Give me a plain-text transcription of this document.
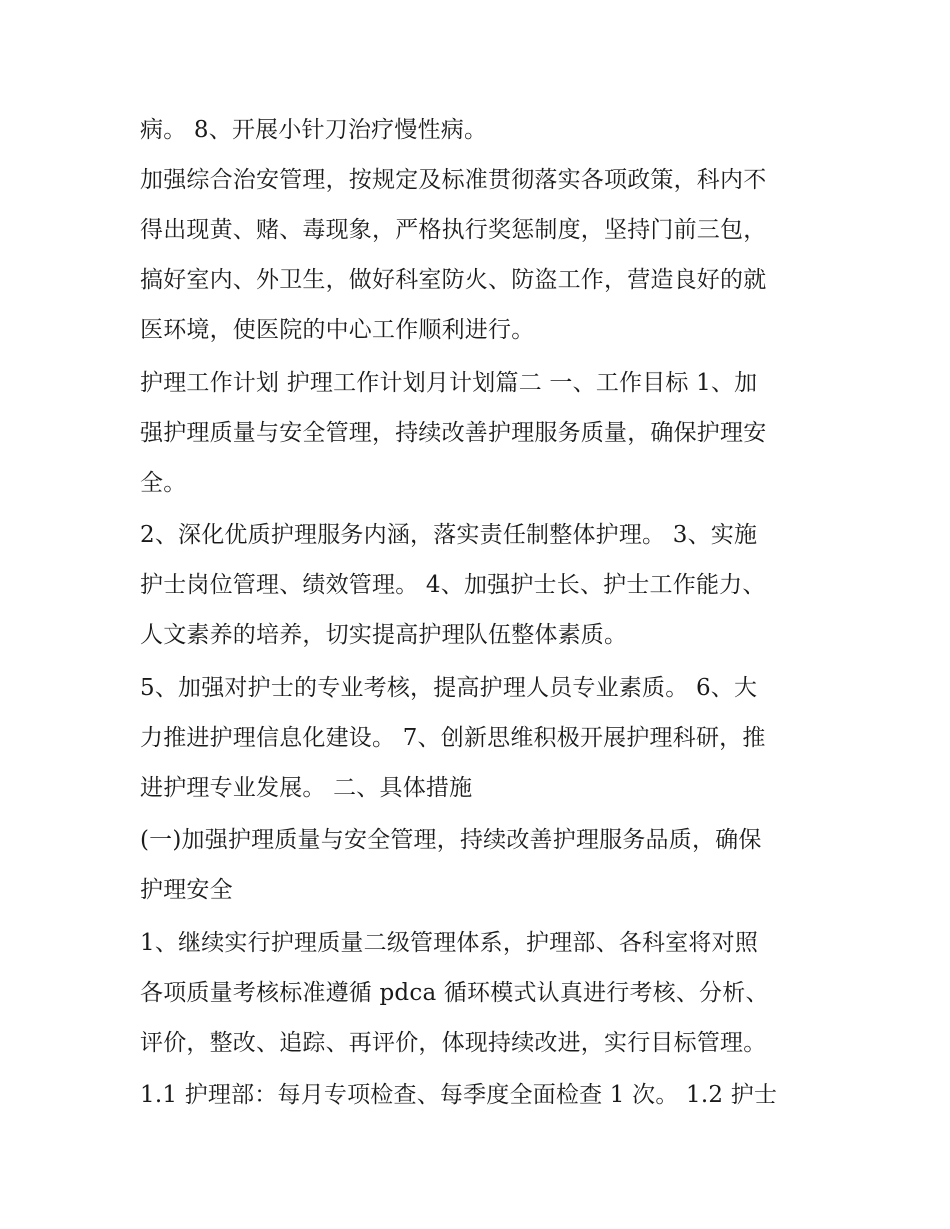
病。 8、开展小针刀治疗慢性病。
加强综合治安管理，按规定及标准贯彻落实各项政策，科内不
得出现黄、赌、毒现象，严格执行奖惩制度，坚持门前三包，
搞好室内、外卫生，做好科室防火、防盗工作，营造良好的就
医环境，使医院的中心工作顺利进行。
护理工作计划 护理工作计划月计划篇二 一、工作目标 1、加
强护理质量与安全管理，持续改善护理服务质量，确保护理安
全。
2、深化优质护理服务内涵，落实责任制整体护理。 3、实施
护士岗位管理、绩效管理。 4、加强护士长、护士工作能力、
人文素养的培养，切实提高护理队伍整体素质。
5、加强对护士的专业考核，提高护理人员专业素质。 6、大
力推进护理信息化建设。 7、创新思维积极开展护理科研，推
进护理专业发展。 二、具体措施
(一)加强护理质量与安全管理，持续改善护理服务品质，确保
护理安全
1、继续实行护理质量二级管理体系，护理部、各科室将对照
各项质量考核标准遵循 pdca 循环模式认真进行考核、分析、
评价，整改、追踪、再评价，体现持续改进，实行目标管理。
1.1 护理部：每月专项检查、每季度全面检查 1 次。 1.2 护士
